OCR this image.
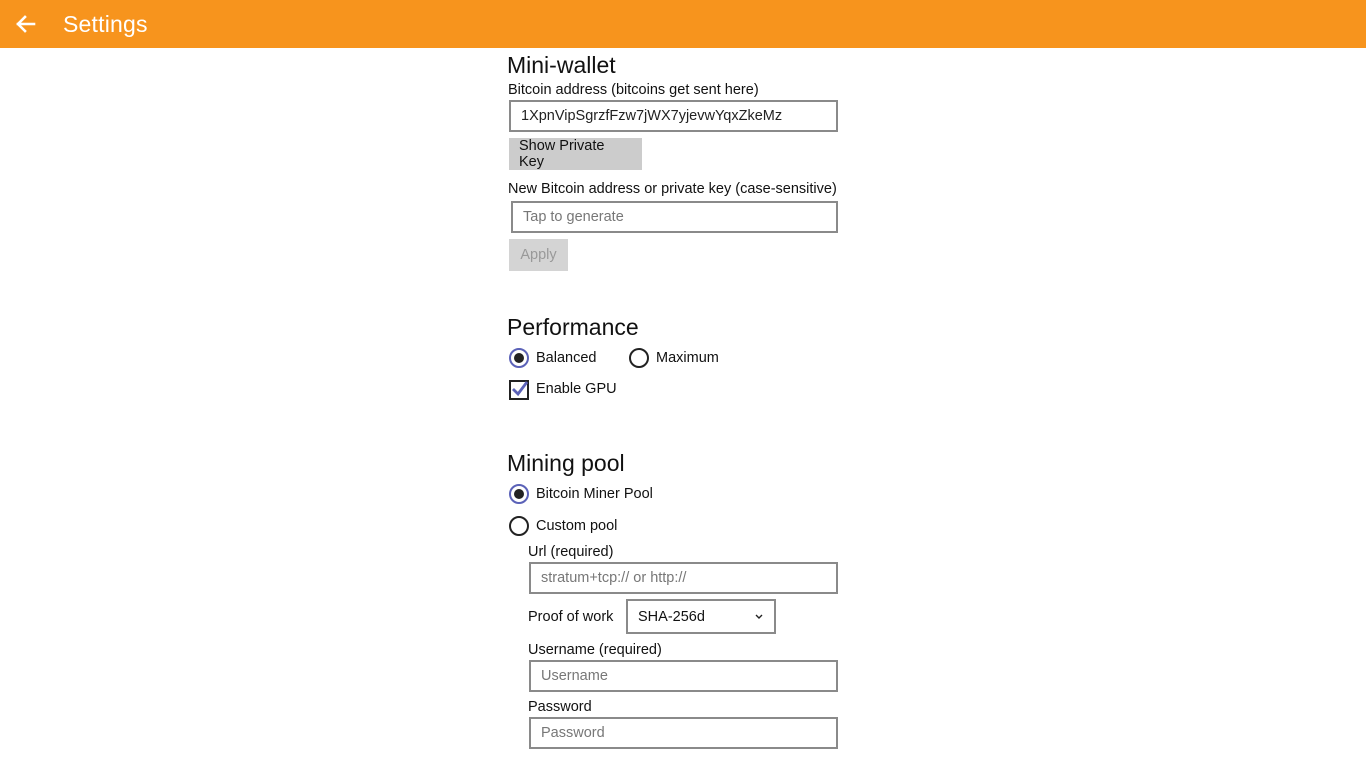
Settings
Mini-wallet
Bitcoin address (bitcoins get sent here)
1XpnVipSgrzfFzw7jWX7yjevwYqxZkeMz
Show Private Key
New Bitcoin address or private key (case-sensitive)
Tap to generate
Apply
Performance
Balanced	Maximum
Enable GPU
Mining pool
Bitcoin Miner Pool
Custom pool
Url (required)
stratum+tcp:// or http://
Proof of work SHA-256d
Username (required)
Username
Password
Password
